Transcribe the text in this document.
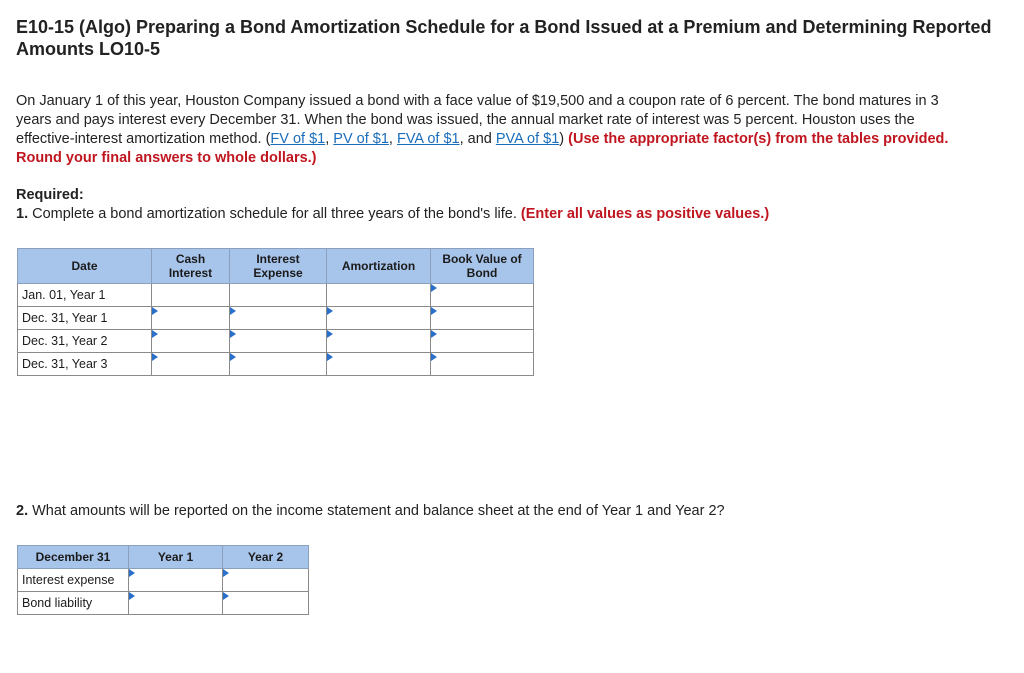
E10-15 (Algo) Preparing a Bond Amortization Schedule for a Bond Issued at a Premium and Determining Reported Amounts LO10-5

On January 1 of this year, Houston Company issued a bond with a face value of $19,500 and a coupon rate of 6 percent. The bond matures in 3 years and pays interest every December 31. When the bond was issued, the annual market rate of interest was 5 percent. Houston uses the effective-interest amortization method. (FV of $1, PV of $1, FVA of $1, and PVA of $1) (Use the appropriate factor(s) from the tables provided. Round your final answers to whole dollars.)

Required:

1. Complete a bond amortization schedule for all three years of the bond's life. (Enter all values as positive values.)

Date	Cash Interest	Interest Expense	Amortization	Book Value of Bond
Jan. 01, Year 1				

Dec. 31, Year 1	

Dec. 31, Year 2	

Dec. 31, Year 3	

2. What amounts will be reported on the income statement and balance sheet at the end of Year 1 and Year 2?

December 31	Year 1	Year 2
Interest expense	

Bond liability	
